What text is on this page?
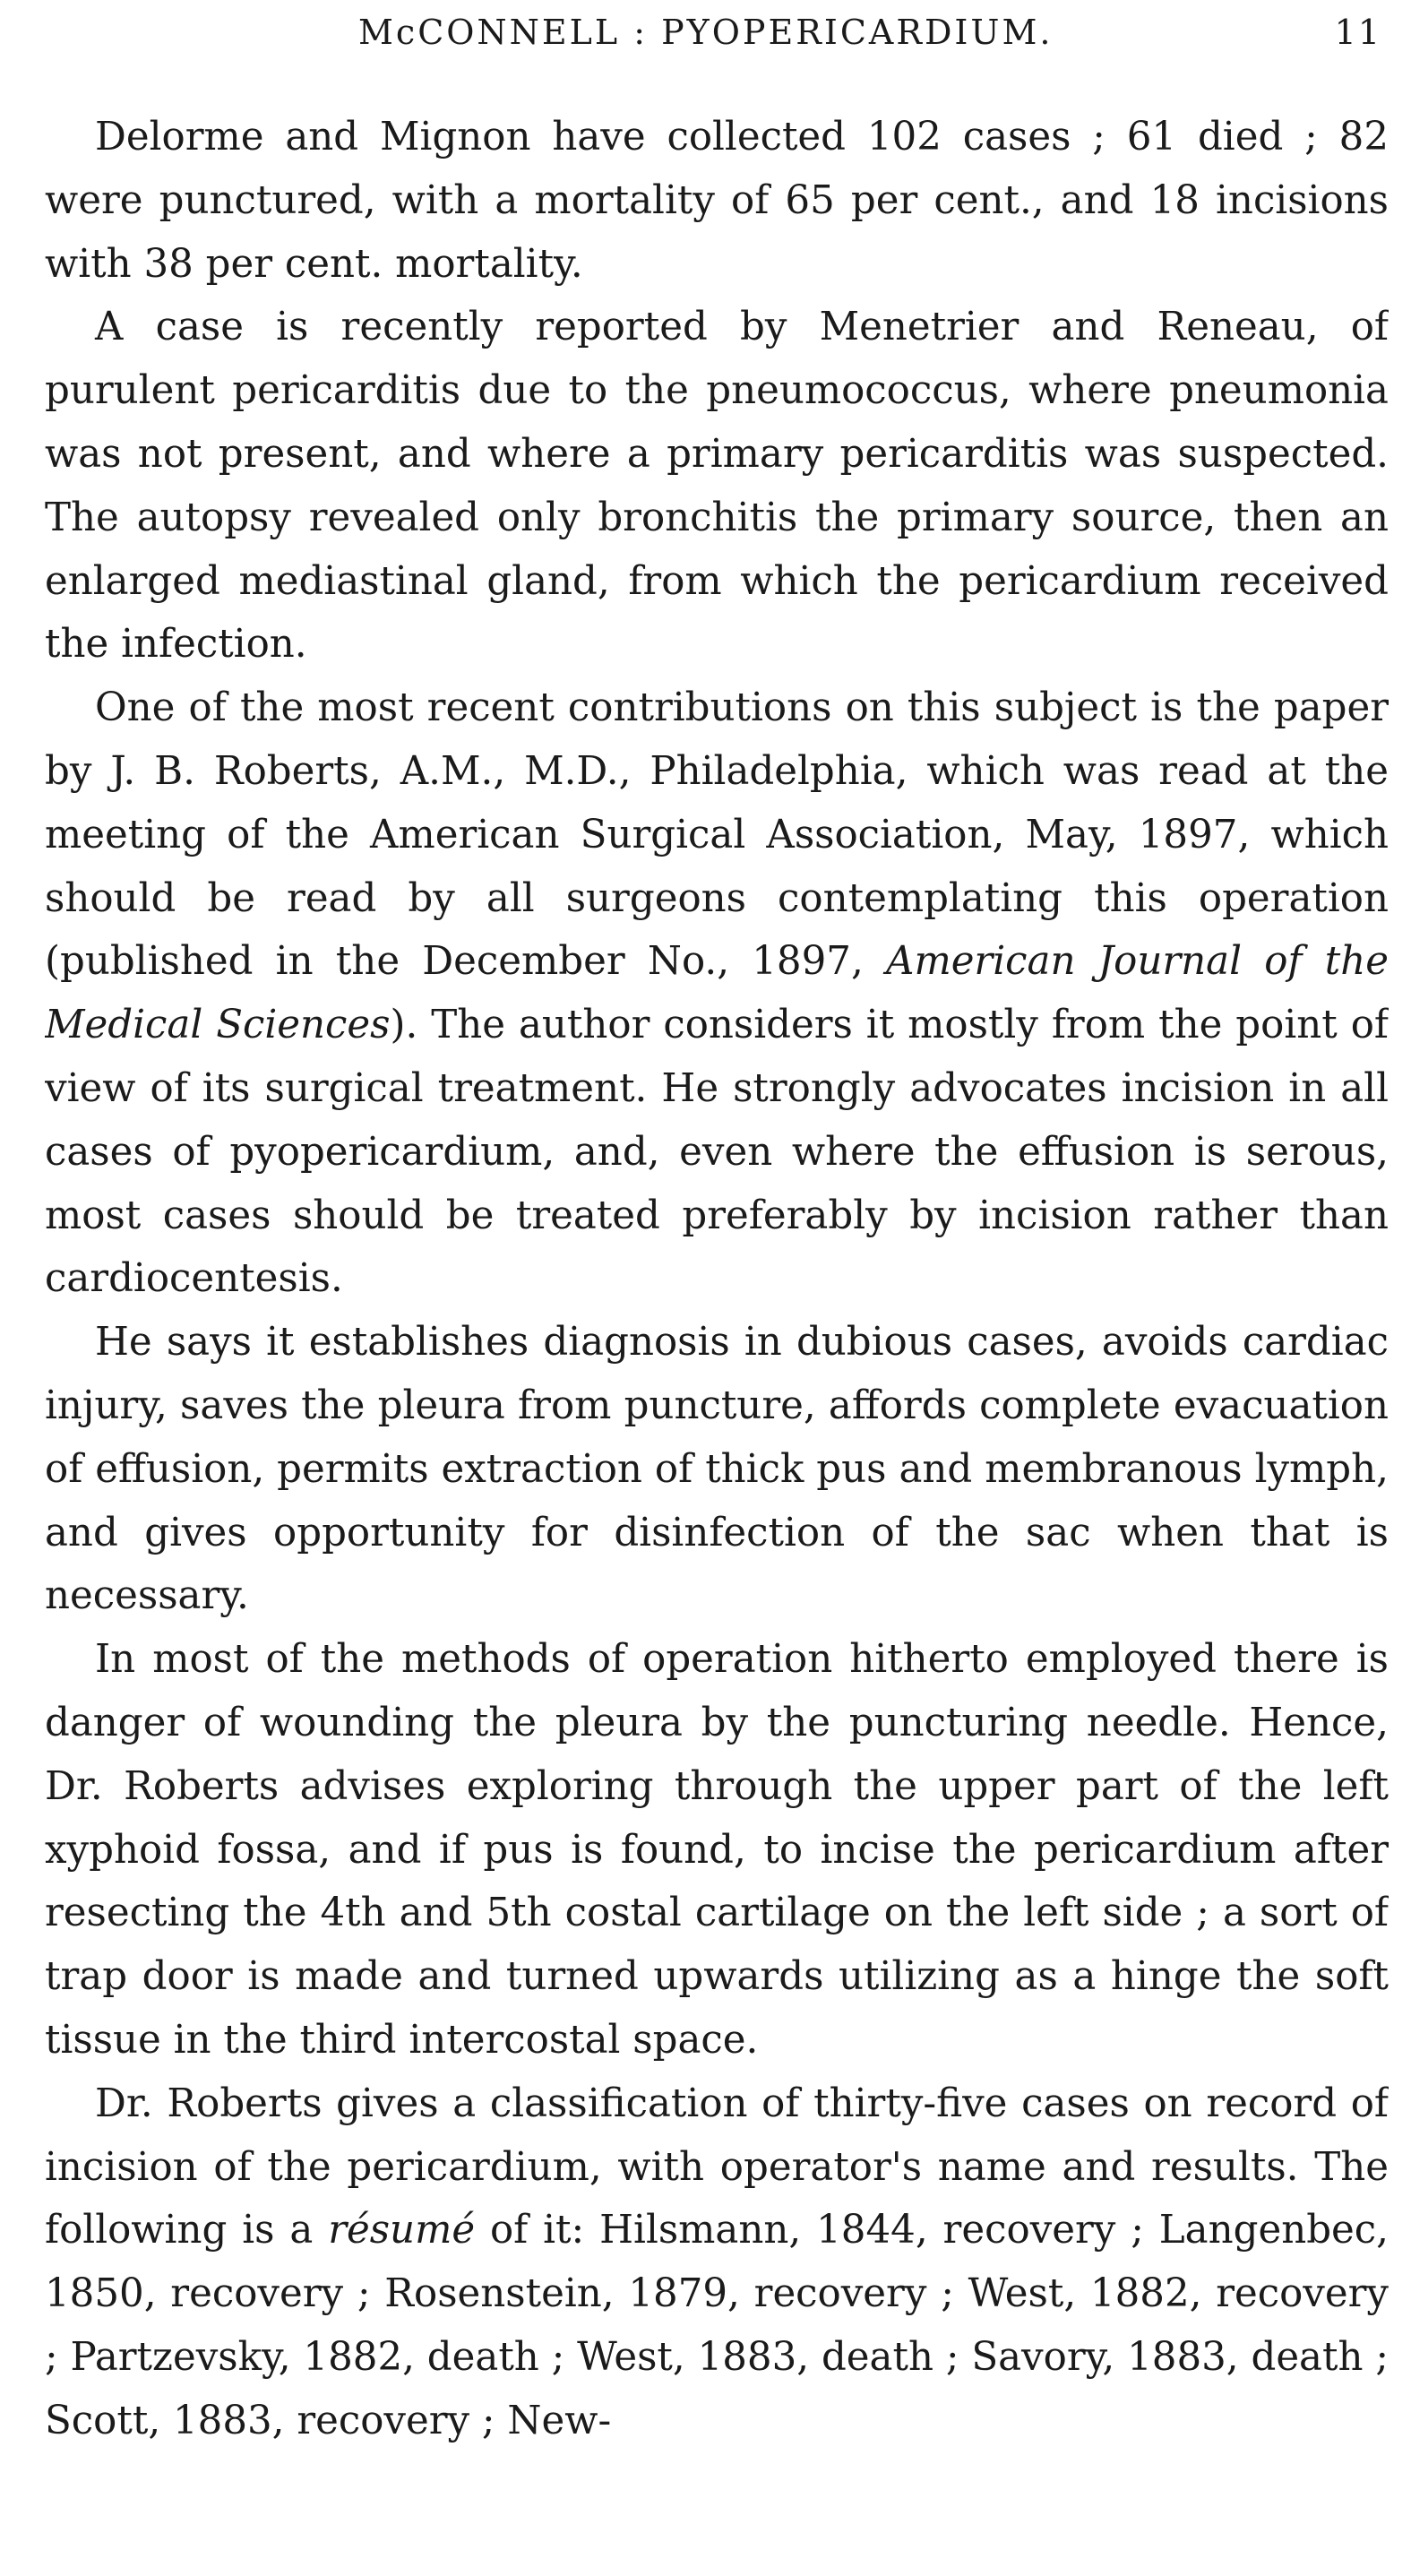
McCONNELL : PYOPERICARDIUM.	11

Delorme and Mignon have collected 102 cases ; 61 died ; 82 were punctured, with a mortality of 65 per cent., and 18 incisions with 38 per cent. mortality.

A case is recently reported by Menetrier and Reneau, of purulent pericarditis due to the pneumococcus, where pneumonia was not present, and where a primary pericarditis was suspected. The autopsy revealed only bronchitis the primary source, then an enlarged mediastinal gland, from which the pericardium received the infection.

One of the most recent contributions on this subject is the paper by J. B. Roberts, A.M., M.D., Philadelphia, which was read at the meeting of the American Surgical Association, May, 1897, which should be read by all surgeons contemplating this operation (published in the December No., 1897, American Journal of the Medical Sciences). The author considers it mostly from the point of view of its surgical treatment. He strongly advocates incision in all cases of pyopericardium, and, even where the effusion is serous, most cases should be treated preferably by incision rather than cardiocentesis.

He says it establishes diagnosis in dubious cases, avoids cardiac injury, saves the pleura from puncture, affords complete evacuation of effusion, permits extraction of thick pus and membranous lymph, and gives opportunity for disinfection of the sac when that is necessary.

In most of the methods of operation hitherto employed there is danger of wounding the pleura by the puncturing needle. Hence, Dr. Roberts advises exploring through the upper part of the left xyphoid fossa, and if pus is found, to incise the pericardium after resecting the 4th and 5th costal cartilage on the left side ; a sort of trap door is made and turned upwards utilizing as a hinge the soft tissue in the third intercostal space.

Dr. Roberts gives a classification of thirty-five cases on record of incision of the pericardium, with operator's name and results. The following is a résumé of it: Hilsmann, 1844, recovery ; Langenbec, 1850, recovery ; Rosenstein, 1879, recovery ; West, 1882, recovery ; Partzevsky, 1882, death ; West, 1883, death ; Savory, 1883, death ; Scott, 1883, recovery ; New-
